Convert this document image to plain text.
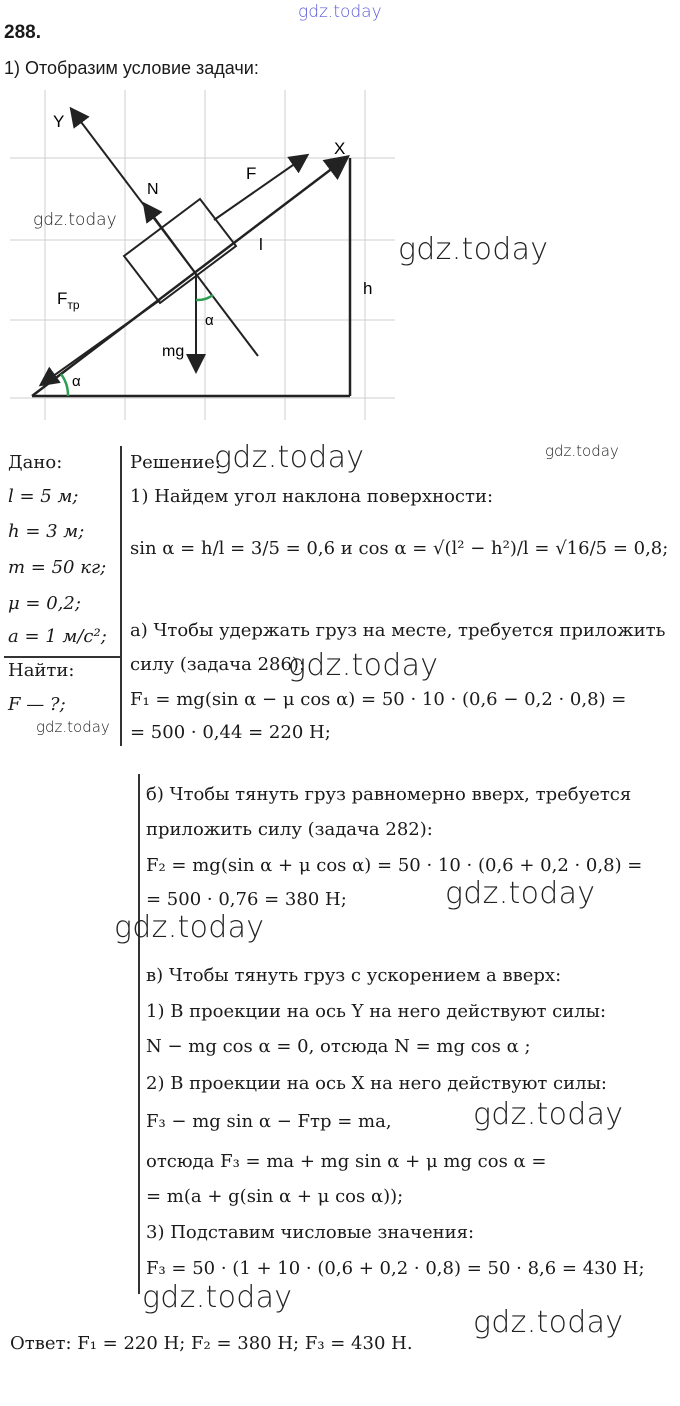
gdz.today
288.
1) Отобразим условие задачи:
Y
X
N
F
l
h
$F_{тр}$
mg
α
α
gdz.today
gdz.today
Дано:
l = 5 м;
h = 3 м;
m = 50 кг;
μ = 0,2;
a = 1 м/с²;
Найти:
F — ?;
gdz.today
Решение:
gdz.today	gdz.today
1) Найдем угол наклона поверхности:
sin α = h/l = 3/5 = 0,6 и cos α = √(l² − h²)/l = √16/5 = 0,8;
а) Чтобы удержать груз на месте, требуется приложить
силу (задача 286):
gdz.today
F₁ = mg(sin α − μ cos α) = 50 · 10 · (0,6 − 0,2 · 0,8) =
= 500 · 0,44 = 220 Н;
б) Чтобы тянуть груз равномерно вверх, требуется
приложить силу (задача 282):
F₂ = mg(sin α + μ cos α) = 50 · 10 · (0,6 + 0,2 · 0,8) =
= 500 · 0,76 = 380 Н;	gdz.today
gdz.today
в) Чтобы тянуть груз с ускорением a вверх:
1) В проекции на ось Y на него действуют силы:
N − mg cos α = 0, отсюда N = mg cos α ;
2) В проекции на ось X на него действуют силы:
gdz.today
F₃ − mg sin α − Fтр = ma,
отсюда F₃ = ma + mg sin α + μ mg cos α =
= m(a + g(sin α + μ cos α));
3) Подставим числовые значения:
F₃ = 50 · (1 + 10 · (0,6 + 0,2 · 0,8) = 50 · 8,6 = 430 Н;
gdz.today
gdz.today
Ответ: F₁ = 220 Н; F₂ = 380 Н; F₃ = 430 Н.
